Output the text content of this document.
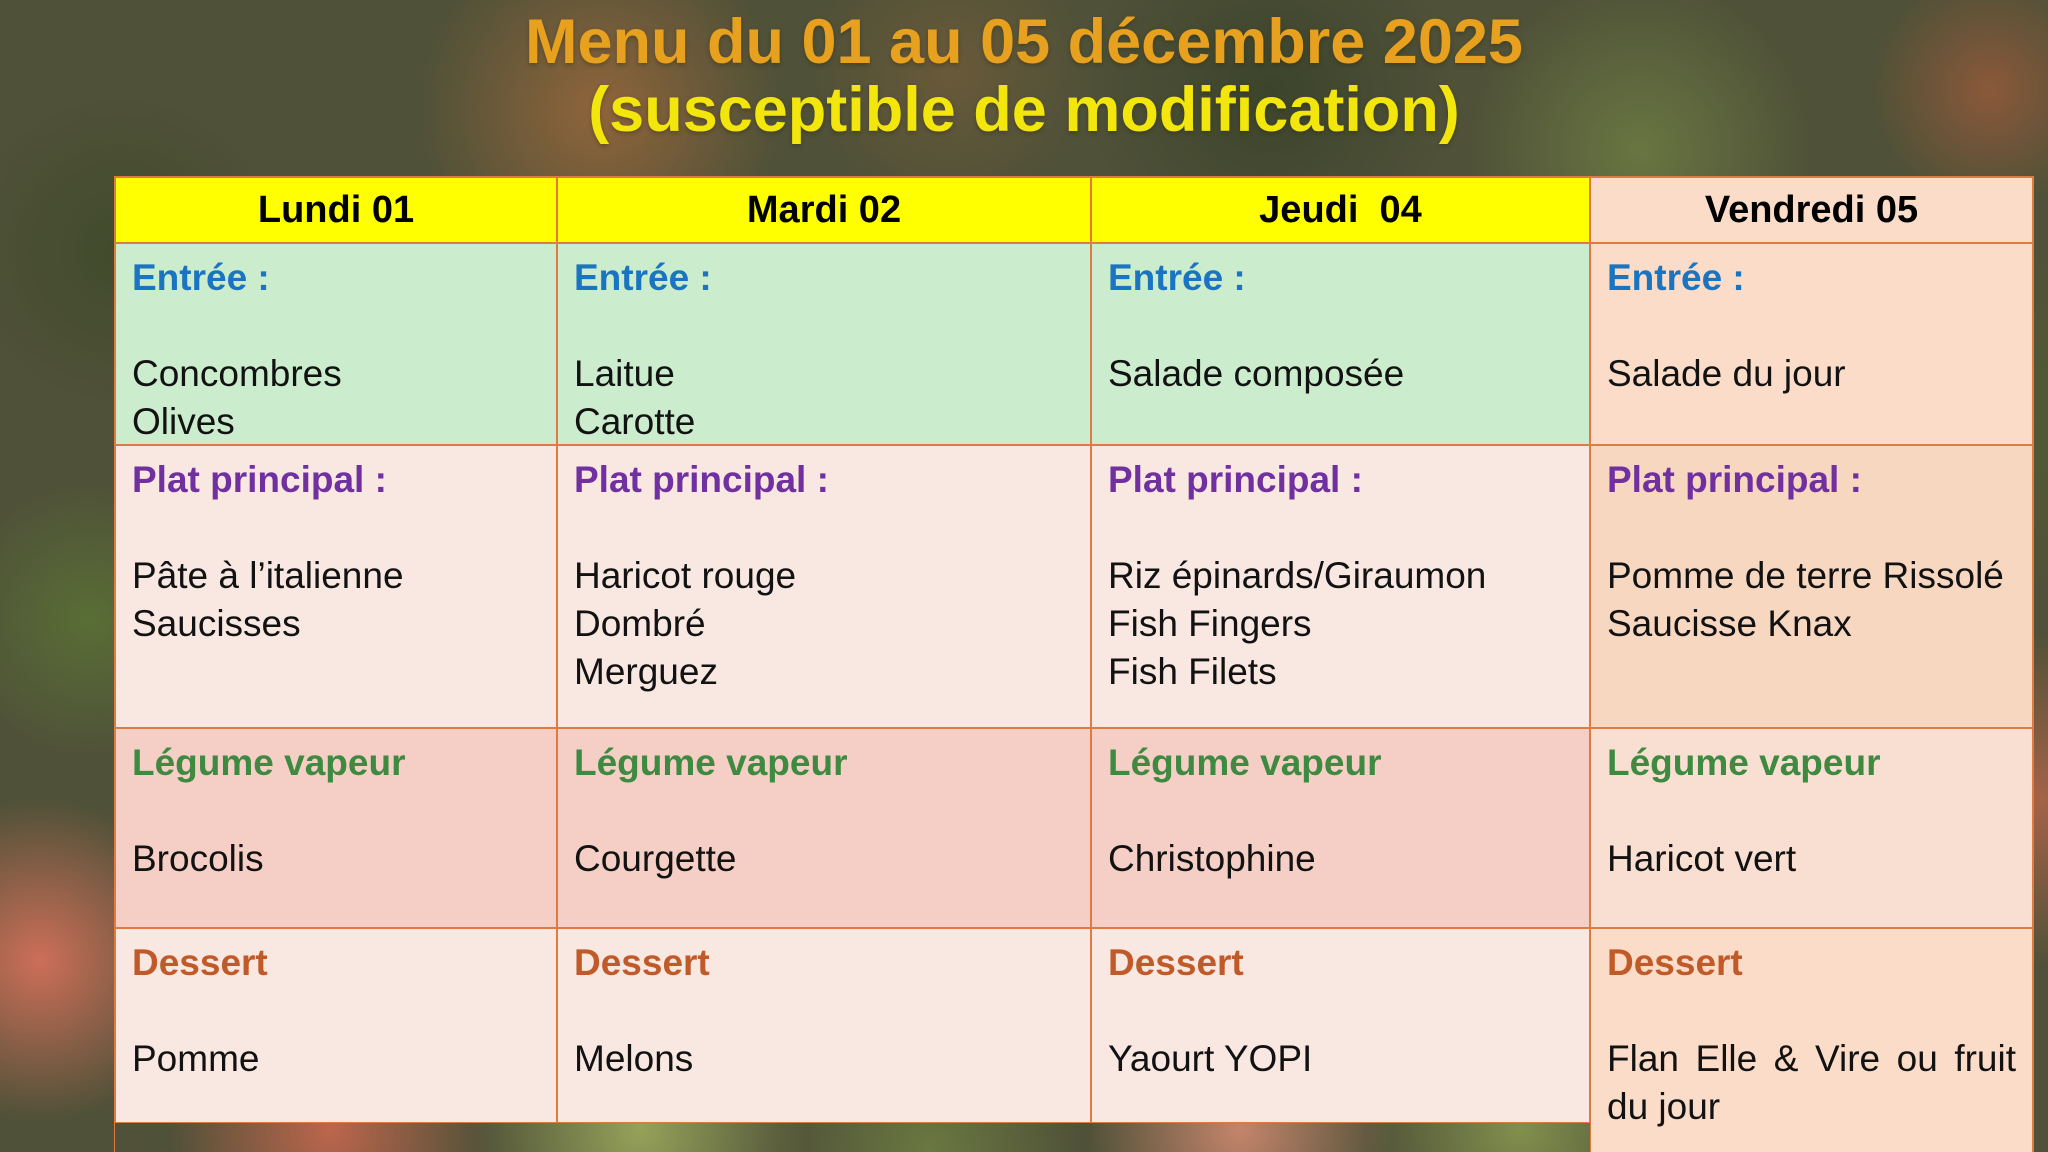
Menu du 01 au 05 décembre 2025
(susceptible de modification)
Lundi 01
Entrée :
Concombres
Olives
Plat principal :
Pâte à l’italienne
Saucisses
Légume vapeur
Brocolis
Dessert
Pomme
Mardi 02
Entrée :
Laitue
Carotte
Plat principal :
Haricot rouge
Dombré
Merguez
Légume vapeur
Courgette
Dessert
Melons
Jeudi  04
Entrée :
Salade composée
Plat principal :
Riz épinards/Giraumon
Fish Fingers
Fish Filets
Légume vapeur
Christophine
Dessert
Yaourt YOPI
Vendredi 05
Entrée :
Salade du jour
Plat principal :
Pomme de terre Rissolé
Saucisse Knax
Légume vapeur
Haricot vert
Dessert
Flan Elle & Vire ou fruit du jour
